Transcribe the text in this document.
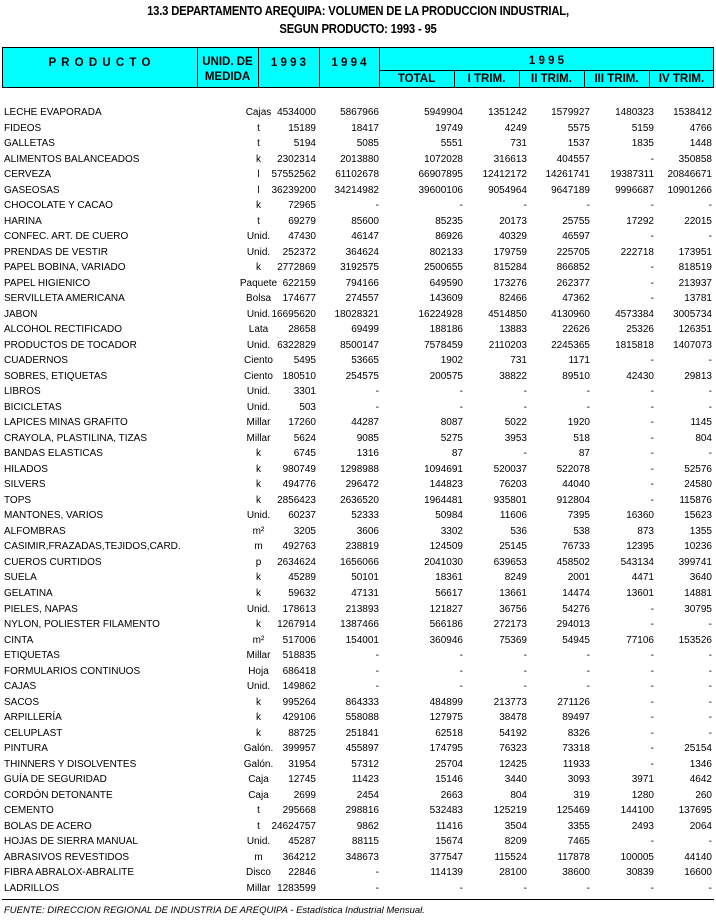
13.3 DEPARTAMENTO AREQUIPA: VOLUMEN DE LA PRODUCCION INDUSTRIAL,
SEGUN PRODUCTO: 1993 - 95
P R O D U C T O	UNID. DE
MEDIDA
1 9 9 3	1 9 9 4	1 9 9 5
TOTAL	I TRIM.	II TRIM.	III TRIM.	IV TRIM.
LECHE EVAPORADA	Cajas 4534000 5867966	5949904	1351242 1579927	1480323 1538412
FIDEOS	t	15189	18417	19749	4249	5575	5159	4766
GALLETAS	t	5194	5085	5551	731	1537	1835	1448
ALIMENTOS BALANCEADOS	k	2302314 2013880	1072028	316613	404557	- 350858
CERVEZA	l	57552562 61102678	66907895 12412172 14261741 19387311 20846671
GASEOSAS	l	36239200 34214982	39600106	9054964 9647189	9996687 10901266
CHOCOLATE Y CACAO	k	72965	-	-	-	-	-	-
HARINA	t	69279	85600	85235	20173	25755	17292	22015
CONFEC. ART. DE CUERO	Unid.	47430	46147	86926	40329	46597	-	-
PRENDAS DE VESTIR	Unid.	252372	364624	802133	179759	225705	222718 173951
PAPEL BOBINA, VARIADO	k	2772869 3192575	2500655	815284	866852	- 818519
PAPEL HIGIENICO	Paquete 622159	794166	649590	173276	262377	- 213937
SERVILLETA AMERICANA	Bolsa	174677	274557	143609	82466	47362	-	13781
JABON	Unid. 16695620 18028321	16224928	4514850 4130960	4573384 3005734
ALCOHOL RECTIFICADO	Lata	28658	69499	188186	13883	22626	25326 126351
PRODUCTOS DE TOCADOR	Unid. 6322829 8500147	7578459	2110203 2245365	1815818 1407073
CUADERNOS	Ciento	5495	53665	1902	731	1171	-	-
SOBRES, ETIQUETAS	Ciento 180510	254575	200575	38822	89510	42430	29813
LIBROS	Unid.	3301	-	-	-	-	-	-
BICICLETAS	Unid.	503	-	-	-	-	-	-
LAPICES MINAS GRAFITO	Millar	17260	44287	8087	5022	1920	-	1145
CRAYOLA, PLASTILINA, TIZAS	Millar	5624	9085	5275	3953	518	-	804
BANDAS ELASTICAS	k	6745	1316	87	-	87	-	-
HILADOS	k	980749 1298988	1094691	520037	522078	-	52576
SILVERS	k	494776	296472	144823	76203	44040	-	24580
TOPS	k	2856423 2636520	1964481	935801	912804	-	115876
MANTONES, VARIOS	Unid.	60237	52333	50984	11606	7395	16360	15623
ALFOMBRAS	m²	3205	3606	3302	536	538	873	1355
CASIMIR,FRAZADAS,TEJIDOS,CARD.	m	492763	238819	124509	25145	76733	12395	10236
CUEROS CURTIDOS	p	2634624 1656066	2041030	639653	458502	543134 399741
SUELA	k	45289	50101	18361	8249	2001	4471	3640
GELATINA	k	59632	47131	56617	13661	14474	13601	14881
PIELES, NAPAS	Unid.	178613	213893	121827	36756	54276	-	30795
NYLON, POLIESTER FILAMENTO	k	1267914 1387466	566186	272173	294013	-	-
CINTA	m²	517006	154001	360946	75369	54945	77106 153526
ETIQUETAS	Millar	518835	-	-	-	-	-	-
FORMULARIOS CONTINUOS	Hoja	686418	-	-	-	-	-	-
CAJAS	Unid.	149862	-	-	-	-	-	-
SACOS	k	995264	864333	484899	213773	271126	-	-
ARPILLERÍA	k	429106	558088	127975	38478	89497	-	-
CELUPLAST	k	88725	251841	62518	54192	8326	-	-
PINTURA	Galón. 399957	455897	174795	76323	73318	-	25154
THINNERS Y DISOLVENTES	Galón.	31954	57312	25704	12425	11933	-	1346
GUÍA DE SEGURIDAD	Caja	12745	11423	15146	3440	3093	3971	4642
CORDÓN DETONANTE	Caja	2699	2454	2663	804	319	1280	260
CEMENTO	t	295668	298816	532483	125219	125469	144100 137695
BOLAS DE ACERO	t	24624757	9862	11416	3504	3355	2493	2064
HOJAS DE SIERRA MANUAL	Unid.	45287	88115	15674	8209	7465	-	-
ABRASIVOS REVESTIDOS	m	364212	348673	377547	115524	117878	100005	44140
FIBRA ABRALOX-ABRALITE	Disco	22846	-	114139	28100	38600	30839	16600
LADRILLOS	Millar 1283599	-	-	-	-	-	-
FUENTE: DIRECCION REGIONAL DE INDUSTRIA DE AREQUIPA - Estadística Industrial Mensual.
